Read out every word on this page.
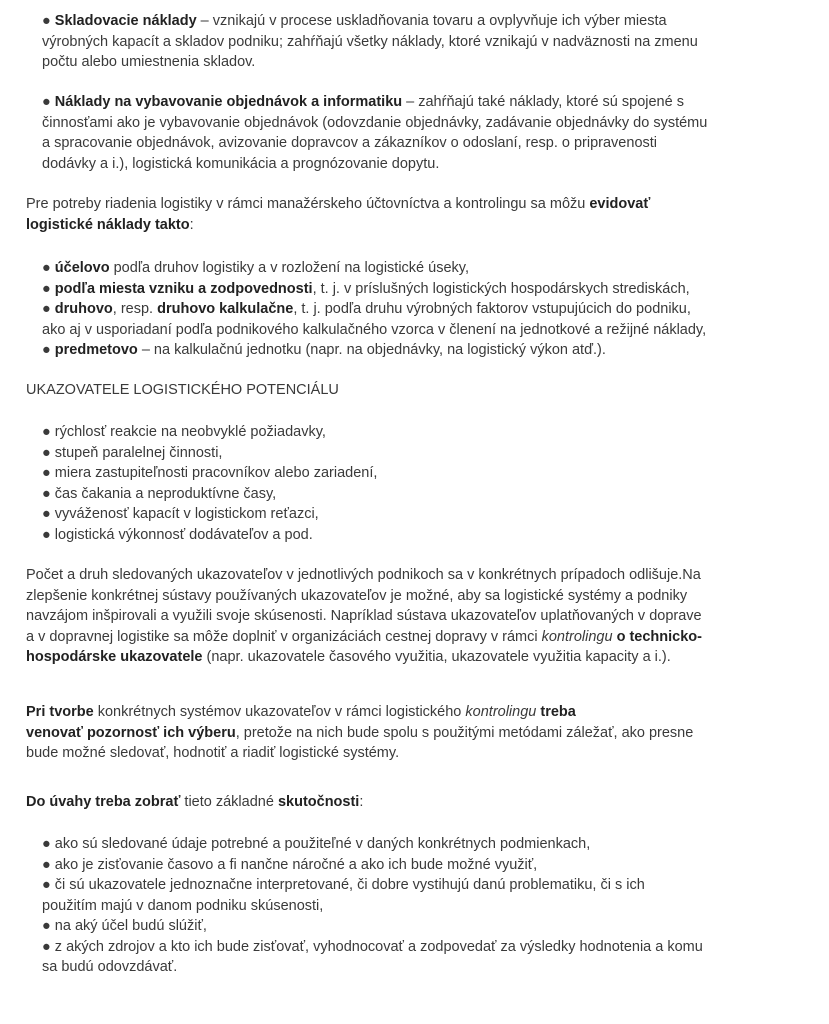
● Skladovacie náklady – vznikajú v procese uskladňovania tovaru a ovplyvňuje ich výber miesta
výrobných kapacít a skladov podniku; zahŕňajú všetky náklady, ktoré vznikajú v nadväznosti na zmenu
počtu alebo umiestnenia skladov.
● Náklady na vybavovanie objednávok a informatiku – zahŕňajú také náklady, ktoré sú spojené s
činnosťami ako je vybavovanie objednávok (odovzdanie objednávky, zadávanie objednávky do systému
a spracovanie objednávok, avizovanie dopravcov a zákazníkov o odoslaní, resp. o pripravenosti
dodávky a i.), logistická komunikácia a prognózovanie dopytu.
Pre potreby riadenia logistiky v rámci manažérskeho účtovníctva a kontrolingu sa môžu evidovať
logistické náklady takto:
● účelovo podľa druhov logistiky a v rozložení na logistické úseky,
● podľa miesta vzniku a zodpovednosti, t. j. v príslušných logistických hospodárskych strediskách,
● druhovo, resp. druhovo kalkulačne, t. j. podľa druhu výrobných faktorov vstupujúcich do podniku,
ako aj v usporiadaní podľa podnikového kalkulačného vzorca v členení na jednotkové a režijné náklady,
● predmetovo – na kalkulačnú jednotku (napr. na objednávky, na logistický výkon atď.).
UKAZOVATELE LOGISTICKÉHO POTENCIÁLU
● rýchlosť reakcie na neobvyklé požiadavky,
● stupeň paralelnej činnosti,
● miera zastupiteľnosti pracovníkov alebo zariadení,
● čas čakania a neproduktívne časy,
● vyváženosť kapacít v logistickom reťazci,
● logistická výkonnosť dodávateľov a pod.
Počet a druh sledovaných ukazovateľov v jednotlivých podnikoch sa v konkrétnych prípadoch odlišuje.Na
zlepšenie konkrétnej sústavy používaných ukazovateľov je možné, aby sa logistické systémy a podniky
navzájom inšpirovali a využili svoje skúsenosti. Napríklad sústava ukazovateľov uplatňovaných v doprave
a v dopravnej logistike sa môže doplniť v organizáciách cestnej dopravy v rámci kontrolingu o technicko-
hospodárske ukazovatele (napr. ukazovatele časového využitia, ukazovatele využitia kapacity a i.).
Pri tvorbe konkrétnych systémov ukazovateľov v rámci logistického kontrolingu treba
venovať pozornosť ich výberu, pretože na nich bude spolu s použitými metódami záležať, ako presne
bude možné sledovať, hodnotiť a riadiť logistické systémy.
Do úvahy treba zobrať tieto základné skutočnosti:
● ako sú sledované údaje potrebné a použiteľné v daných konkrétnych podmienkach,
● ako je zisťovanie časovo a fi nančne náročné a ako ich bude možné využiť,
● či sú ukazovatele jednoznačne interpretované, či dobre vystihujú danú problematiku, či s ich
použitím majú v danom podniku skúsenosti,
● na aký účel budú slúžiť,
● z akých zdrojov a kto ich bude zisťovať, vyhodnocovať a zodpovedať za výsledky hodnotenia a komu
sa budú odovzdávať.
